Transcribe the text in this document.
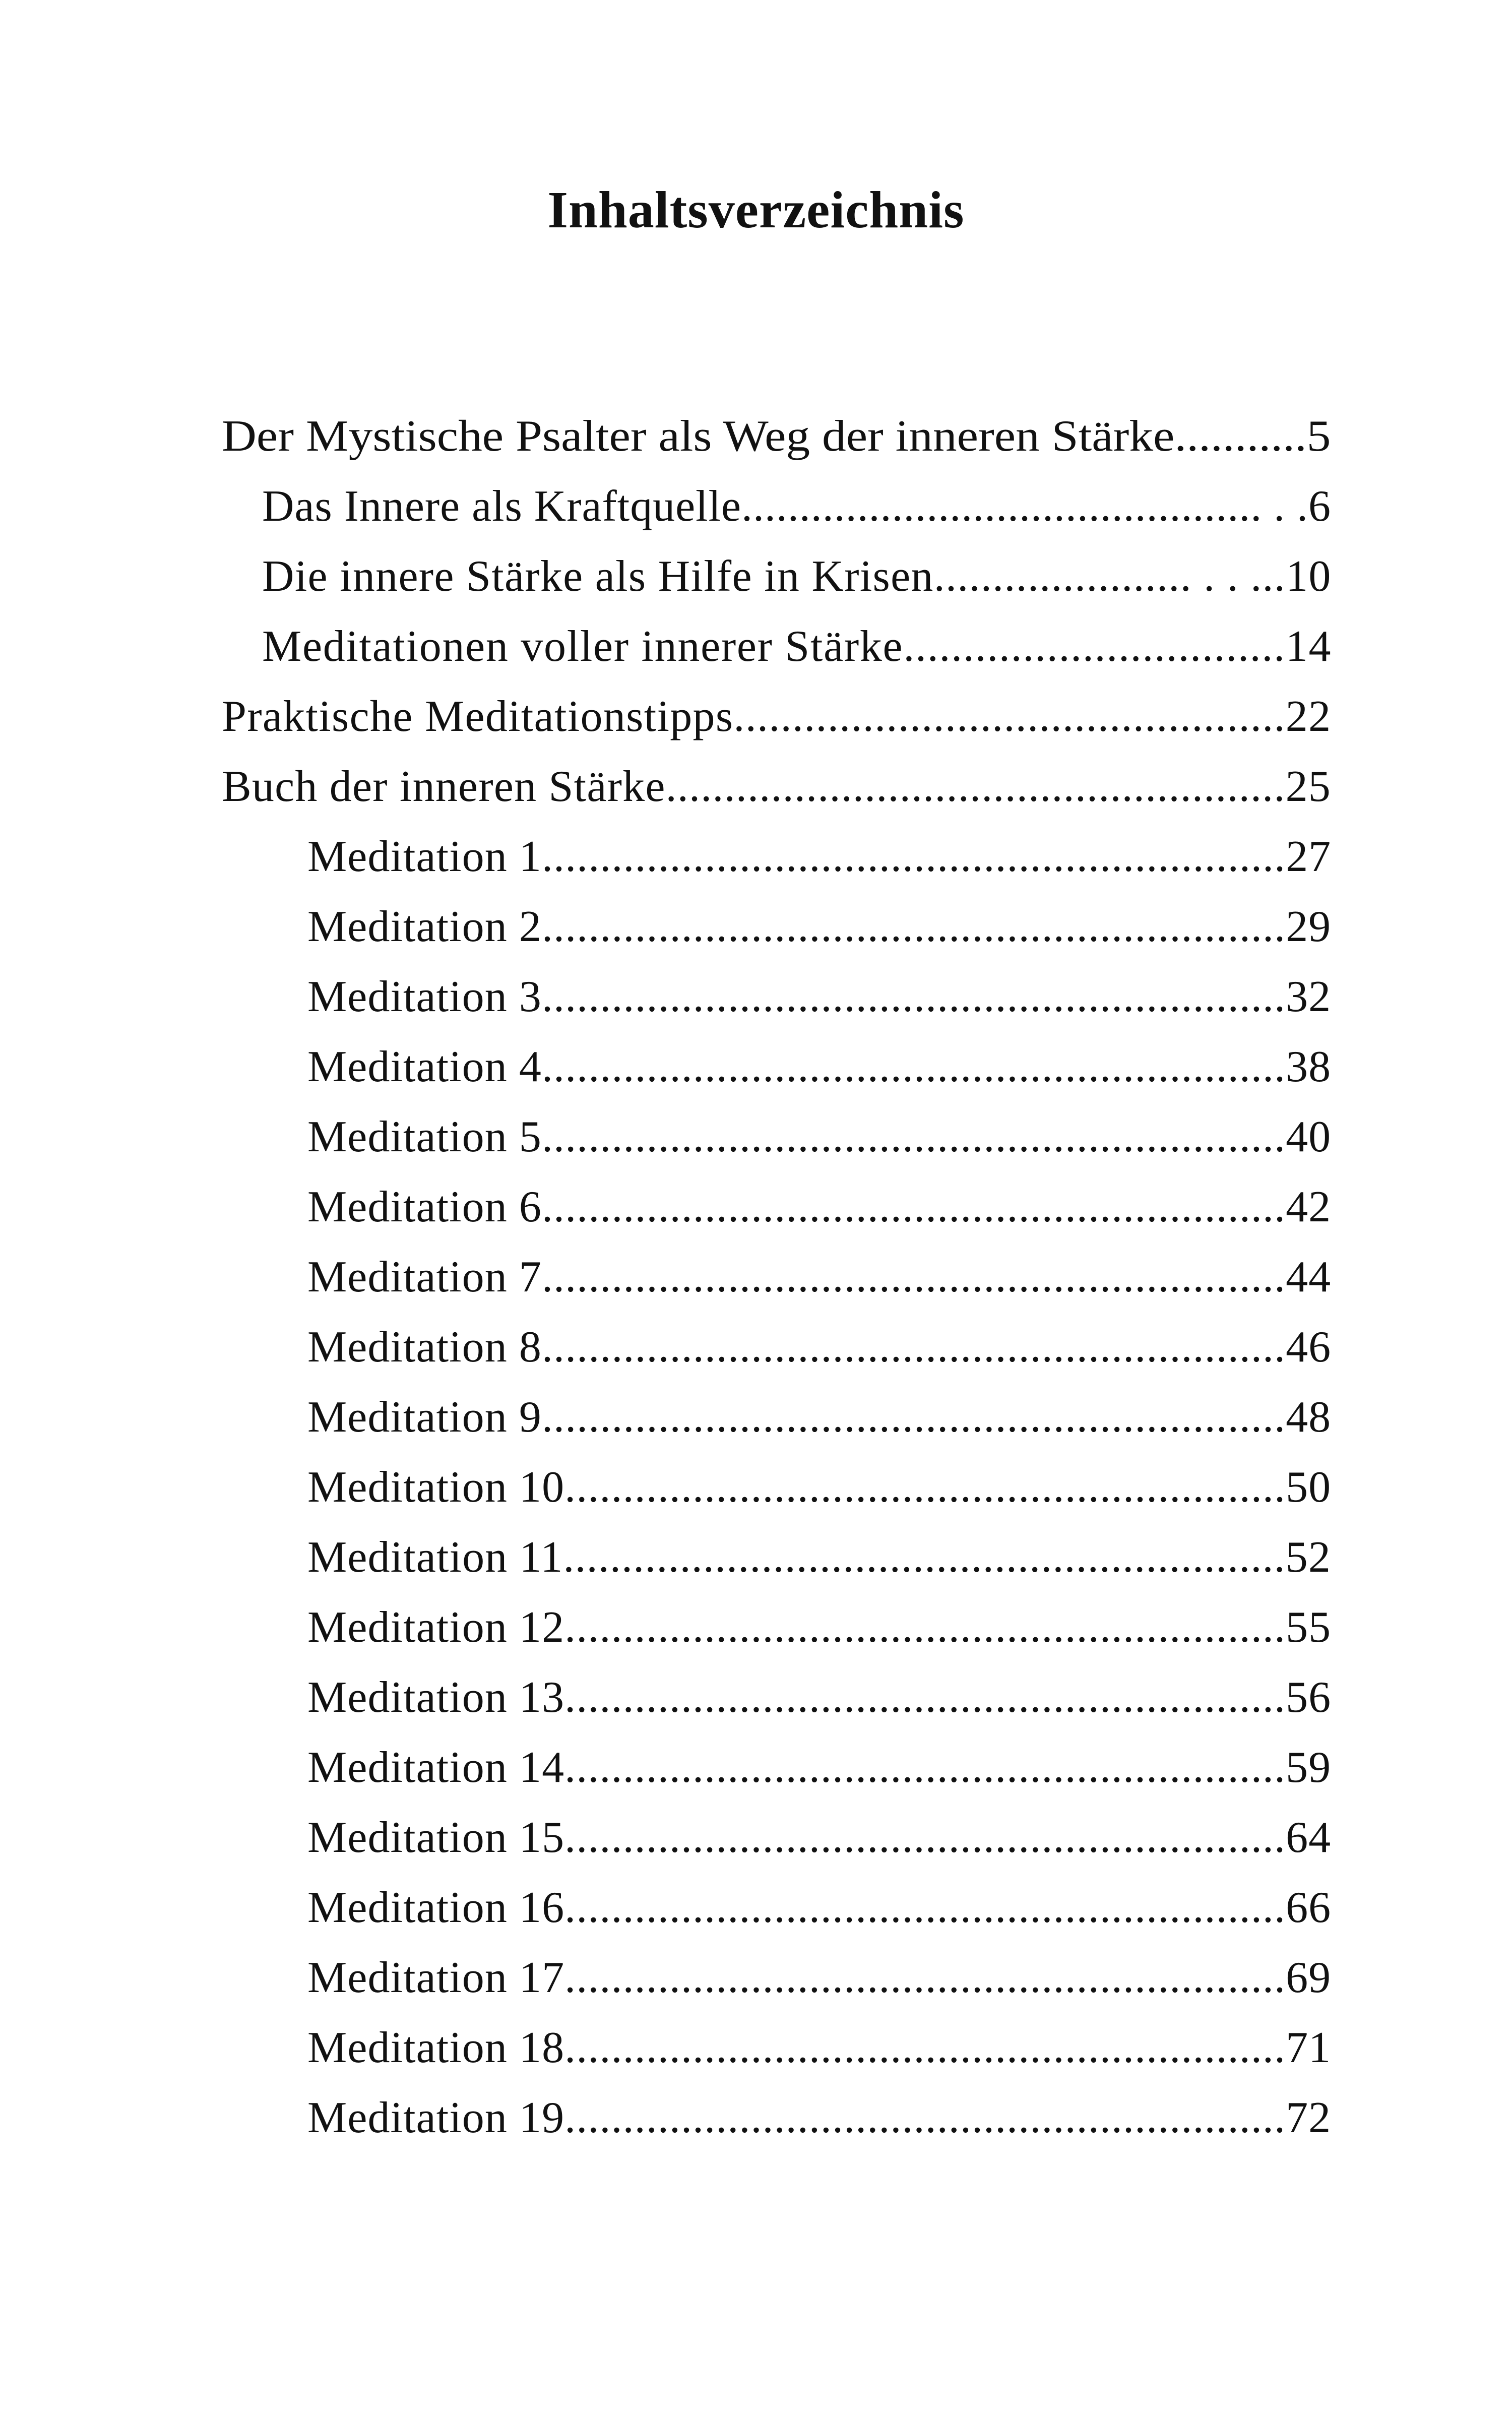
Inhaltsverzeichnis
Der Mystische Psalter als Weg der inneren Stärke...........5
Das Innere als Kraftquelle............................................. . .6
Die innere Stärke als Hilfe in Krisen...................... . . ...10
Meditationen voller innerer Stärke................................14
Praktische Meditationstipps...............................................22
Buch der inneren Stärke.....................................................25
Meditation 1................................................................27
Meditation 2................................................................29
Meditation 3................................................................32
Meditation 4................................................................38
Meditation 5................................................................40
Meditation 6................................................................42
Meditation 7................................................................44
Meditation 8................................................................46
Meditation 9................................................................48
Meditation 10..............................................................50
Meditation 11..............................................................52
Meditation 12..............................................................55
Meditation 13..............................................................56
Meditation 14..............................................................59
Meditation 15..............................................................64
Meditation 16..............................................................66
Meditation 17..............................................................69
Meditation 18..............................................................71
Meditation 19..............................................................72
